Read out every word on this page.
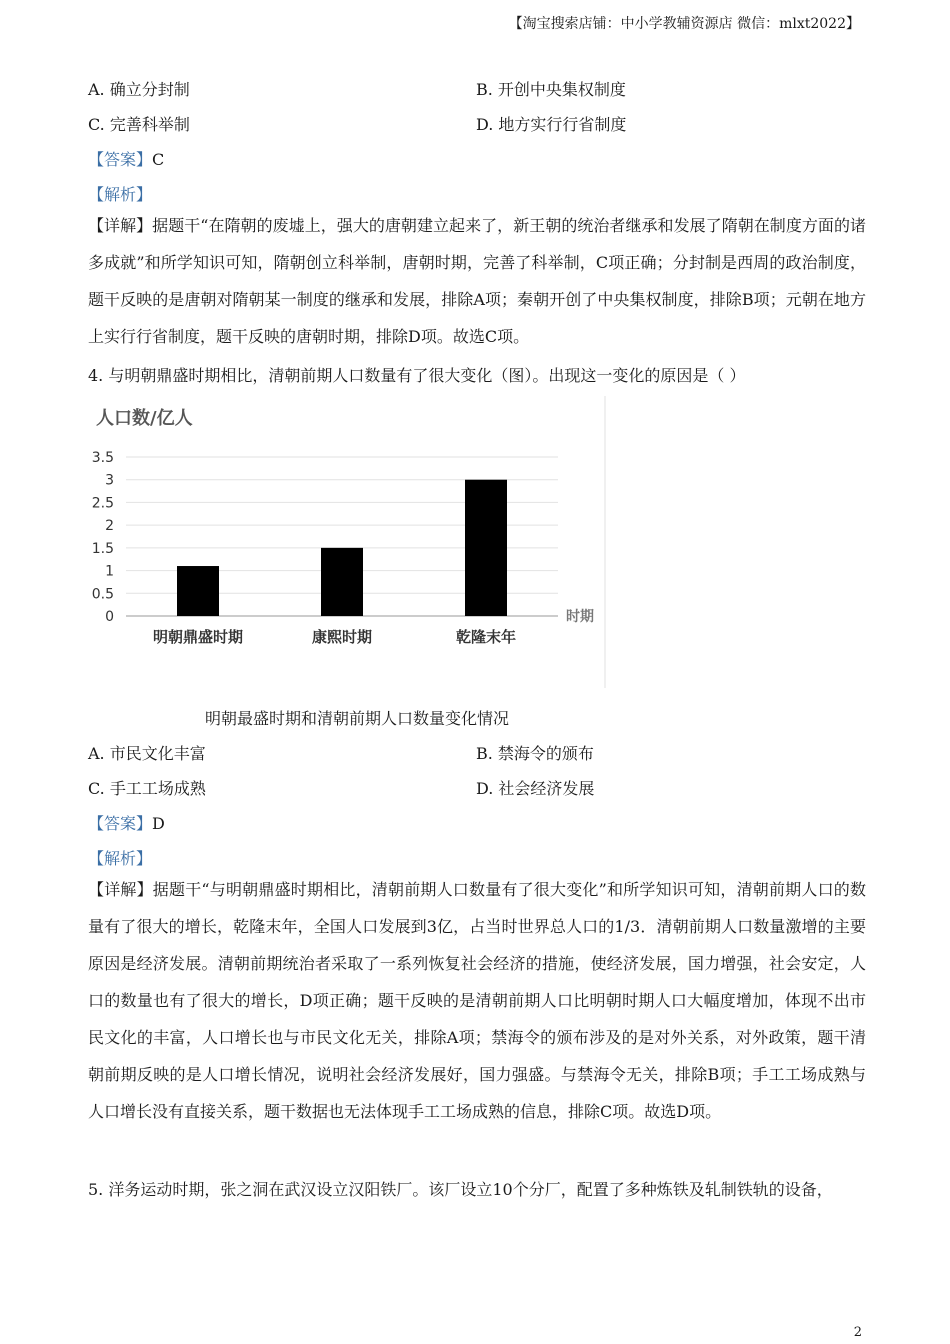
【淘宝搜索店铺：中小学教辅资源店 微信：mlxt2022】
A. 确立分封制	B. 开创中央集权制度
C. 完善科举制	D. 地方实行行省制度
【答案】C
【解析】
【详解】据题干“在隋朝的废墟上，强大的唐朝建立起来了，新王朝的统治者继承和发展了隋朝在制度方面的诸多成就”和所学知识可知，隋朝创立科举制，唐朝时期，完善了科举制，C项正确；分封制是西周的政治制度，题干反映的是唐朝对隋朝某一制度的继承和发展，排除A项；秦朝开创了中央集权制度，排除B项；元朝在地方上实行行省制度，题干反映的唐朝时期，排除D项。故选C项。
4. 与明朝鼎盛时期相比，清朝前期人口数量有了很大变化（图）。出现这一变化的原因是（ ）
人口数/亿人
0
0.5
1
1.5
2
2.5
3
3.5
明朝鼎盛时期	康熙时期	乾隆末年
时期
明朝最盛时期和清朝前期人口数量变化情况
A. 市民文化丰富	B. 禁海令的颁布
C. 手工工场成熟	D. 社会经济发展
【答案】D
【解析】
【详解】据题干“与明朝鼎盛时期相比，清朝前期人口数量有了很大变化”和所学知识可知，清朝前期人口的数量有了很大的增长，乾隆末年，全国人口发展到3亿，占当时世界总人口的1/3．清朝前期人口数量激增的主要原因是经济发展。清朝前期统治者采取了一系列恢复社会经济的措施，使经济发展，国力增强，社会安定，人口的数量也有了很大的增长，D项正确；题干反映的是清朝前期人口比明朝时期人口大幅度增加，体现不出市民文化的丰富，人口增长也与市民文化无关，排除A项；禁海令的颁布涉及的是对外关系，对外政策，题干清朝前期反映的是人口增长情况，说明社会经济发展好，国力强盛。与禁海令无关，排除B项；手工工场成熟与人口增长没有直接关系，题干数据也无法体现手工工场成熟的信息，排除C项。故选D项。
5. 洋务运动时期，张之洞在武汉设立汉阳铁厂。该厂设立10个分厂，配置了多种炼铁及轧制铁轨的设备，
2
